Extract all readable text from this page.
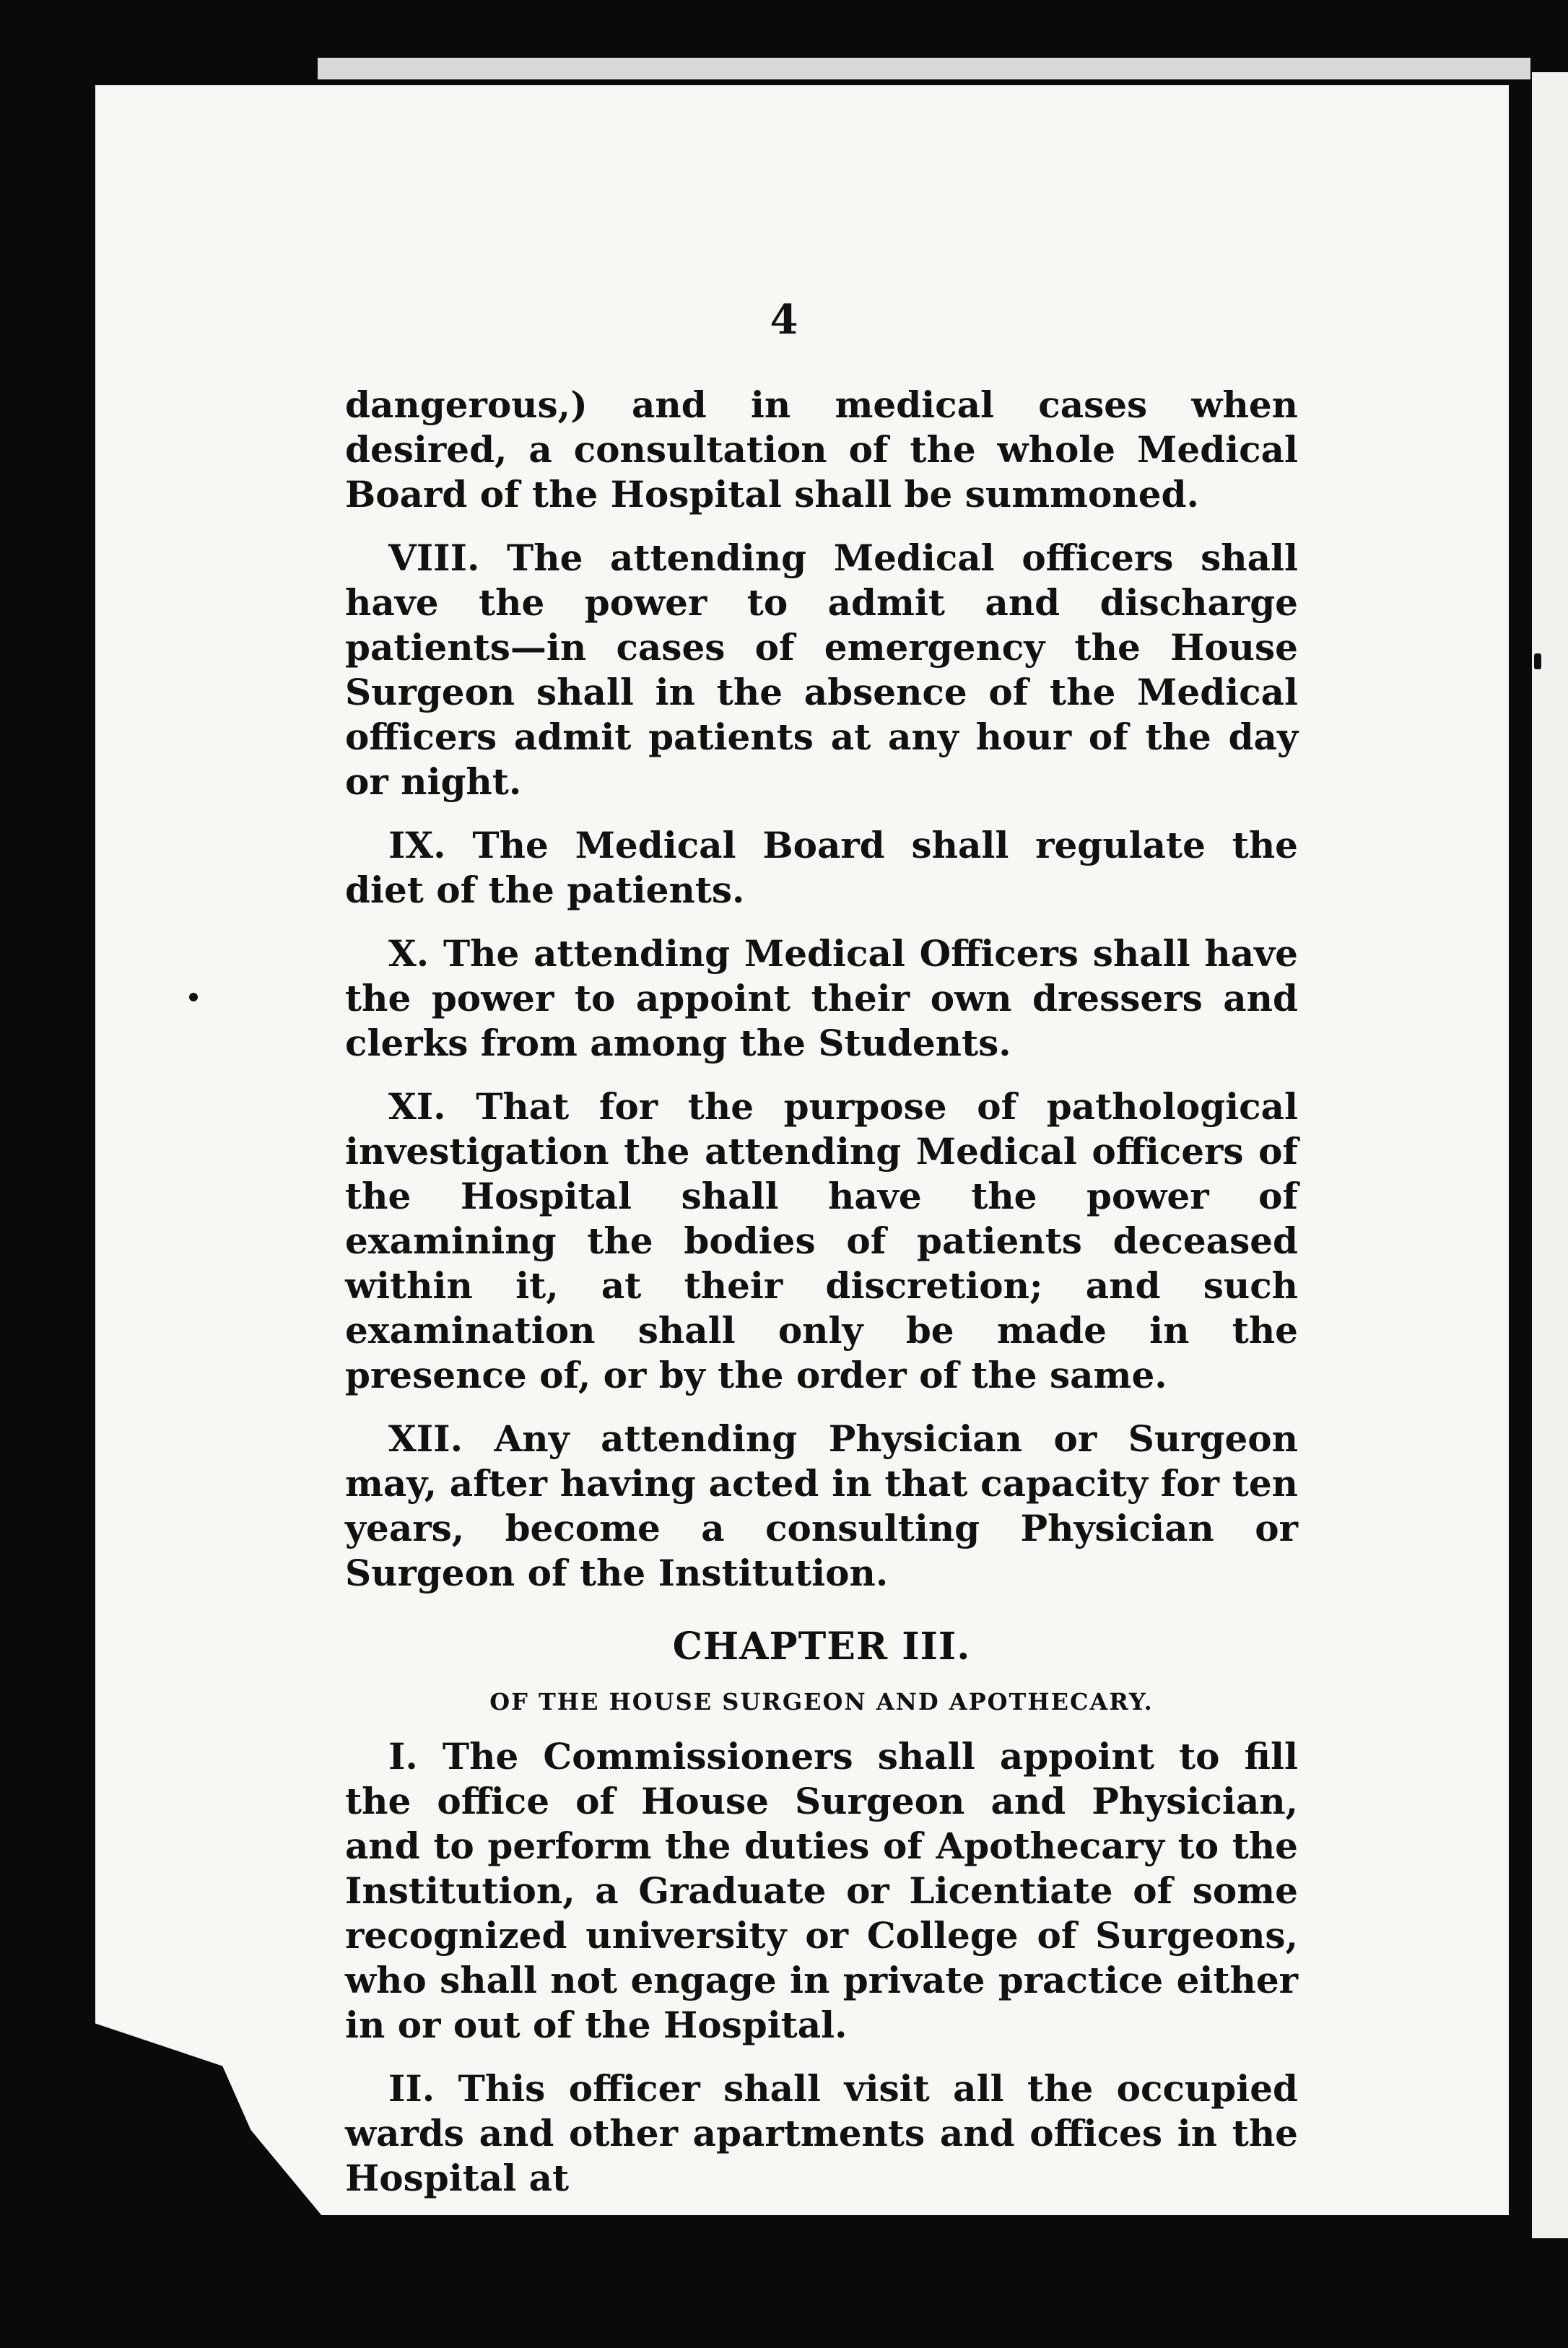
4

dangerous,) and in medical cases when desired, a consultation of the whole Medical Board of the Hospital shall be summoned.

VIII. The attending Medical officers shall have the power to admit and discharge patients—in cases of emergency the House Surgeon shall in the absence of the Medical officers admit patients at any hour of the day or night.

IX. The Medical Board shall regulate the diet of the patients.

X. The attending Medical Officers shall have the power to appoint their own dressers and clerks from among the Students.

XI. That for the purpose of pathological investigation the attending Medical officers of the Hospital shall have the power of examining the bodies of patients deceased within it, at their discretion; and such examination shall only be made in the presence of, or by the order of the same.

XII. Any attending Physician or Surgeon may, after having acted in that capacity for ten years, become a consulting Physician or Surgeon of the Institution.

CHAPTER III.
OF THE HOUSE SURGEON AND APOTHECARY.

I. The Commissioners shall appoint to fill the office of House Surgeon and Physician, and to perform the duties of Apothecary to the Institution, a Graduate or Licentiate of some recognized university or College of Surgeons, who shall not engage in private practice either in or out of the Hospital.

II. This officer shall visit all the occupied wards and other apartments and offices in the Hospital at
